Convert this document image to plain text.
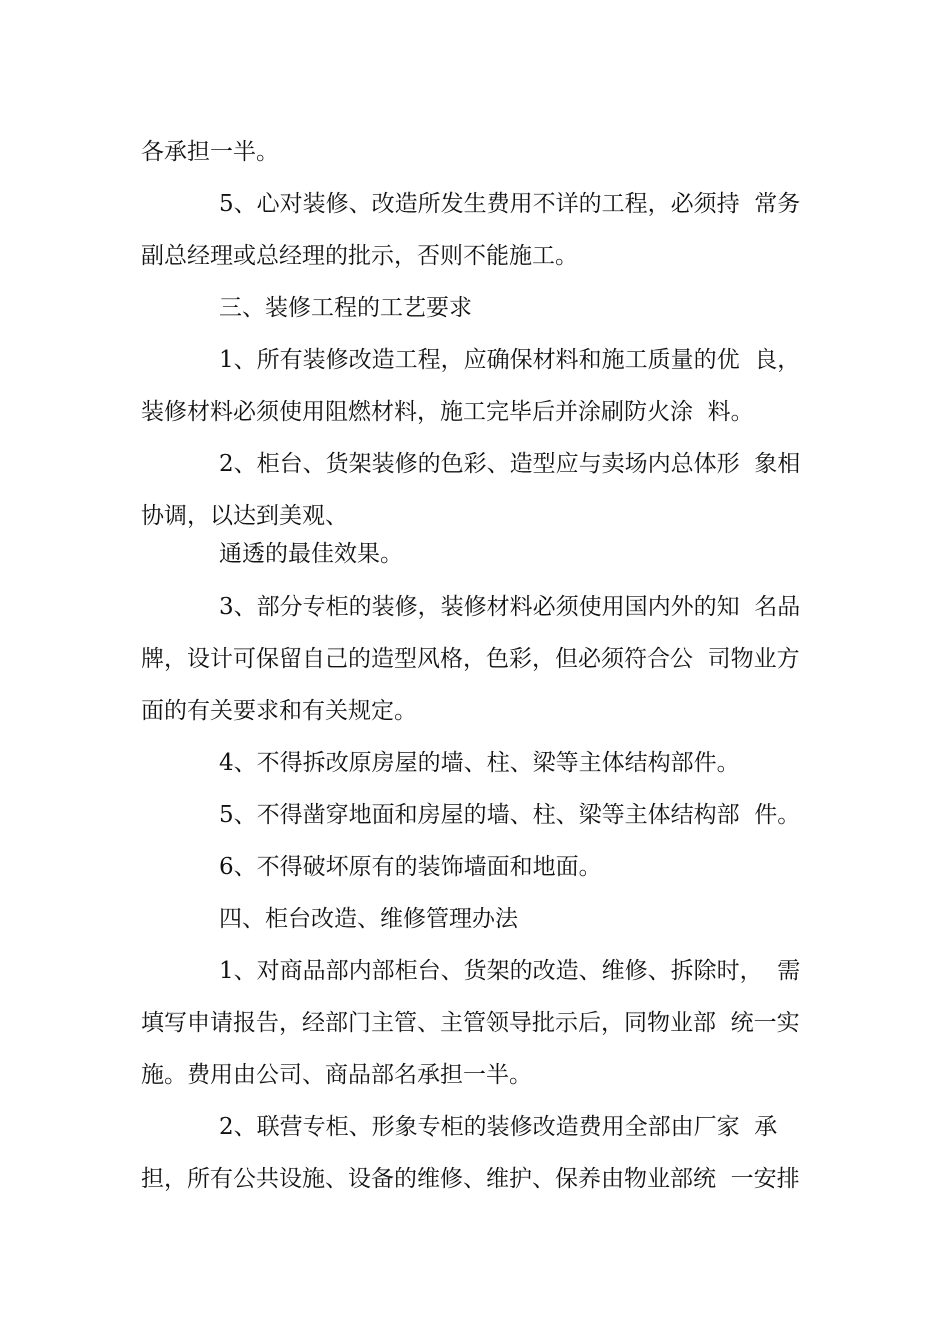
各承担一半。
5、心对装修、改造所发生费用不详的工程，必须持  常务
副总经理或总经理的批示，否则不能施工。
三、装修工程的工艺要求
1、所有装修改造工程，应确保材料和施工质量的优  良，
装修材料必须使用阻燃材料，施工完毕后并涂刷防火涂  料。
2、柜台、货架装修的色彩、造型应与卖场内总体形  象相
协调，以达到美观、
通透的最佳效果。
3、部分专柜的装修，装修材料必须使用国内外的知  名品
牌，设计可保留自己的造型风格，色彩，但必须符合公  司物业方
面的有关要求和有关规定。
4、不得拆改原房屋的墙、柱、梁等主体结构部件。
5、不得凿穿地面和房屋的墙、柱、梁等主体结构部  件。
6、不得破坏原有的装饰墙面和地面。
四、柜台改造、维修管理办法
1、对商品部内部柜台、货架的改造、维修、拆除时，  需
填写申请报告，经部门主管、主管领导批示后，同物业部  统一实
施。费用由公司、商品部名承担一半。
2、联营专柜、形象专柜的装修改造费用全部由厂家  承
担，所有公共设施、设备的维修、维护、保养由物业部统  一安排
